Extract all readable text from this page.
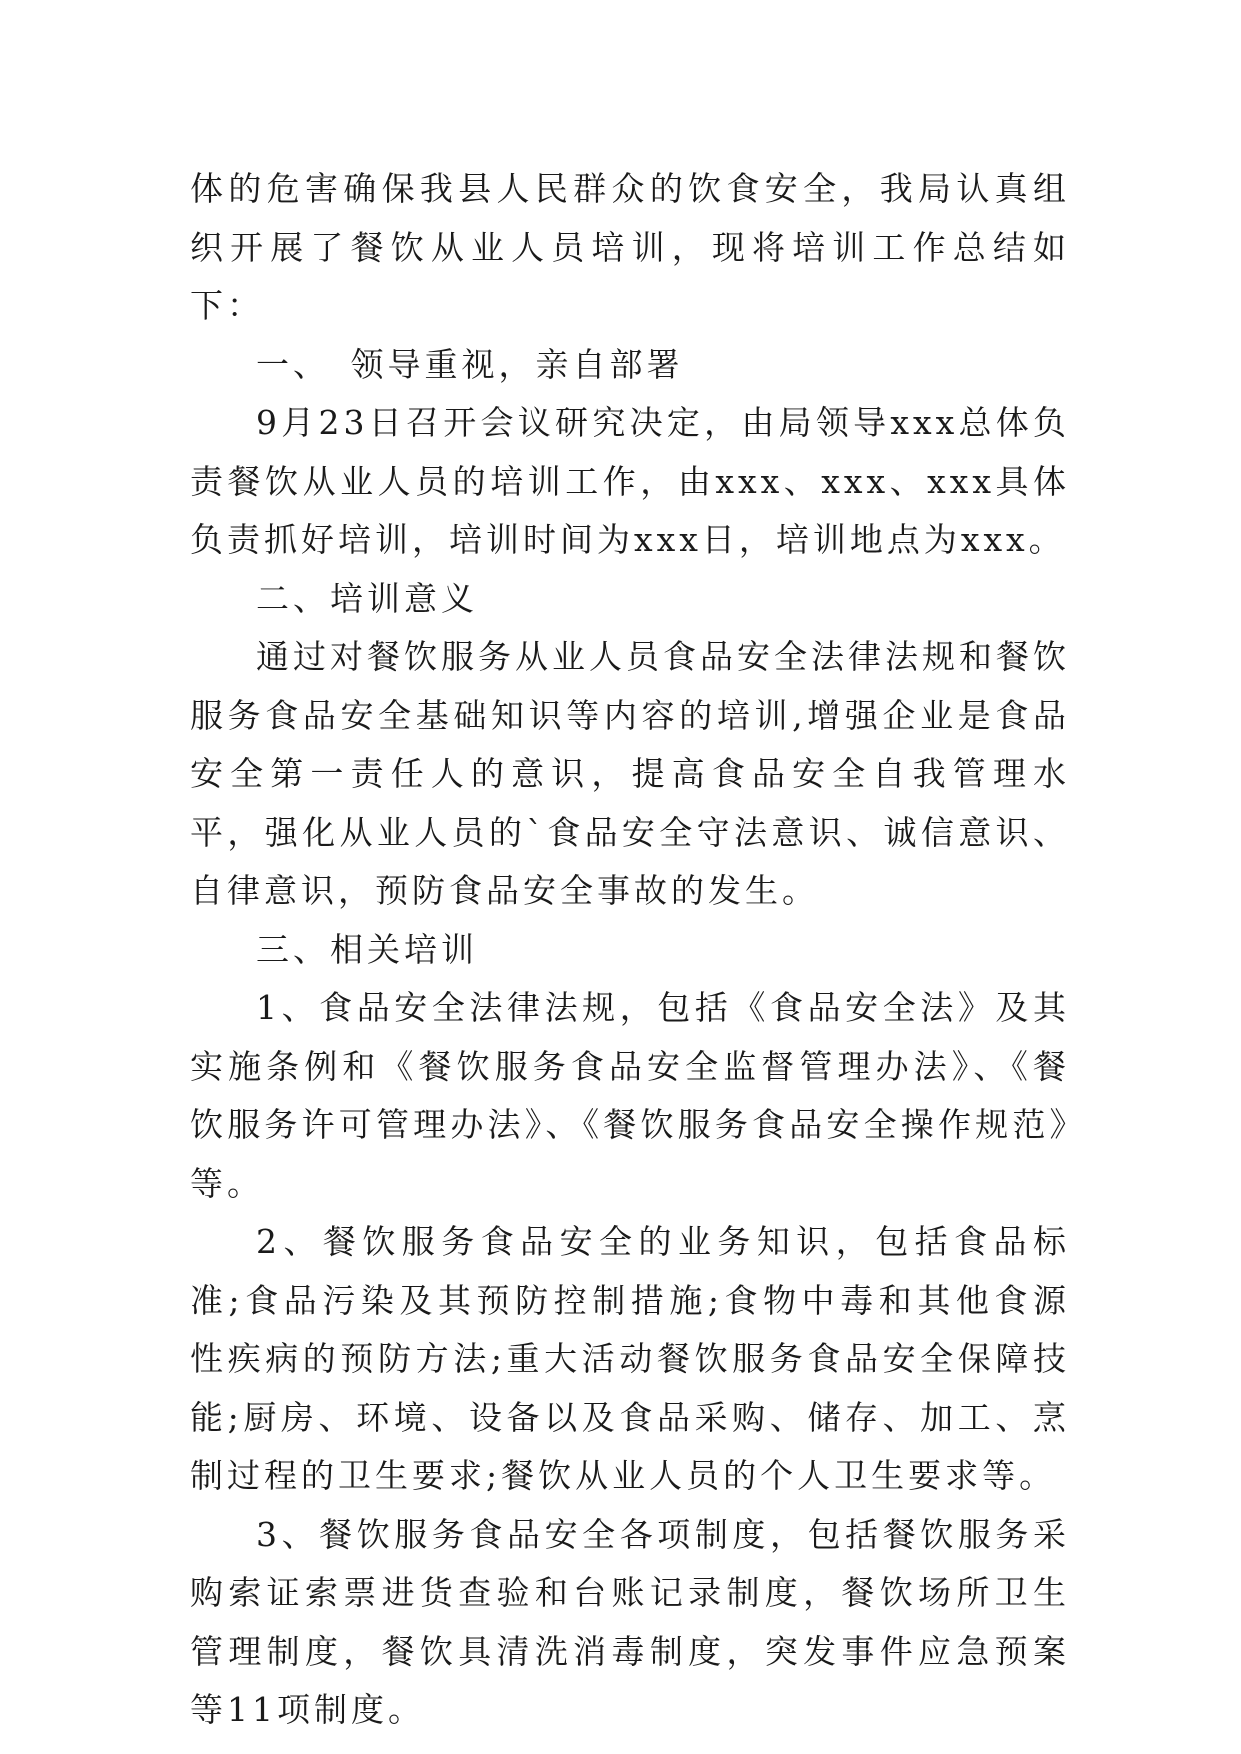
体的危害确保我县人民群众的饮食安全，我局认真组织开展了餐饮从业人员培训，现将培训工作总结如下：

一、　领导重视，亲自部署

9月23日召开会议研究决定，由局领导xxx总体负责餐饮从业人员的培训工作，由xxx、xxx、xxx具体负责抓好培训，培训时间为xxx日，培训地点为xxx。

二、培训意义

通过对餐饮服务从业人员食品安全法律法规和餐饮服务食品安全基础知识等内容的培训,增强企业是食品安全第一责任人的意识，提高食品安全自我管理水平，强化从业人员的`食品安全守法意识、诚信意识、自律意识，预防食品安全事故的发生。

三、相关培训

1、食品安全法律法规，包括《食品安全法》及其实施条例和《餐饮服务食品安全监督管理办法》、《餐饮服务许可管理办法》、《餐饮服务食品安全操作规范》等。

2、餐饮服务食品安全的业务知识，包括食品标准;食品污染及其预防控制措施;食物中毒和其他食源性疾病的预防方法;重大活动餐饮服务食品安全保障技能;厨房、环境、设备以及食品采购、储存、加工、烹制过程的卫生要求;餐饮从业人员的个人卫生要求等。

3、餐饮服务食品安全各项制度，包括餐饮服务采购索证索票进货查验和台账记录制度，餐饮场所卫生管理制度，餐饮具清洗消毒制度，突发事件应急预案等11项制度。
